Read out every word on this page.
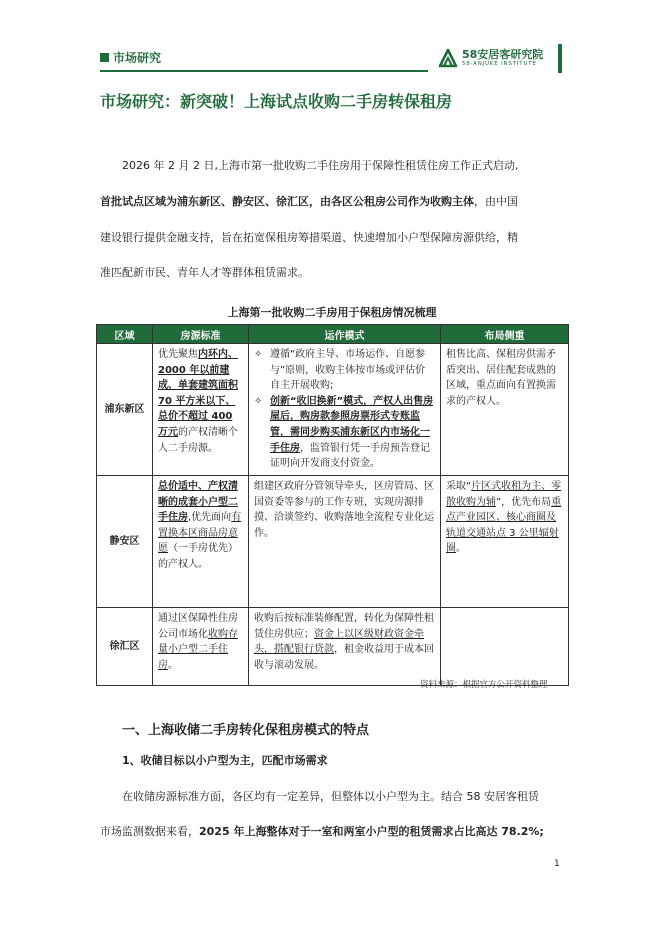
市场研究	58安居客研究院
58·ANJUKE INSTITUTE
市场研究：新突破！上海试点收购二手房转保租房
2026 年 2 月 2 日,上海市第一批收购二手住房用于保障性租赁住房工作正式启动,
首批试点区域为浦东新区、静安区、徐汇区，由各区公租房公司作为收购主体，由中国
建设银行提供金融支持，旨在拓宽保租房筹措渠道、快速增加小户型保障房源供给，精
准匹配新市民、青年人才等群体租赁需求。
上海第一批收购二手房用于保租房情况梳理
区域	房源标准	运作模式	布局侧重
浦东新区	优先聚焦内环内、2000 年以前建成、单套建筑面积 70 平方米以下、总价不超过 400 万元的产权清晰个人二手房源。	✧ 遵循“政府主导、市场运作、自愿参与”原则，收购主体按市场或评估价自主开展收购;
✧ 创新“收旧换新”模式，产权人出售房屋后，购房款参照房票形式专账监管，需同步购买浦东新区内市场化一手住房，监管银行凭一手房预告登记证明向开发商支付资金。	租售比高、保租房供需矛盾突出、居住配套成熟的区域，重点面向有置换需求的产权人。
静安区	总价适中、产权清晰的成套小户型二手住房,优先面向有置换本区商品房意愿（一手房优先）的产权人。	组建区政府分管领导牵头，区房管局、区国资委等参与的工作专班，实现房源排摸、洽谈签约、收购落地全流程专业化运作。	采取“片区式收租为主、零散收购为辅”，优先布局重点产业园区、核心商圈及轨道交通站点 3 公里辐射圈。
徐汇区	通过区保障性住房公司市场化收购存量小户型二手住房。	收购后按标准装修配置，转化为保障性租赁住房供应；资金上以区级财政资金牵头，搭配银行贷款，租金收益用于成本回收与滚动发展。	
资料来源：根据官方公开资料整理
一、上海收储二手房转化保租房模式的特点
1、收储目标以小户型为主，匹配市场需求
在收储房源标准方面，各区均有一定差异，但整体以小户型为主。结合 58 安居客租赁
市场监测数据来看，2025 年上海整体对于一室和两室小户型的租赁需求占比高达 78.2%;
1
